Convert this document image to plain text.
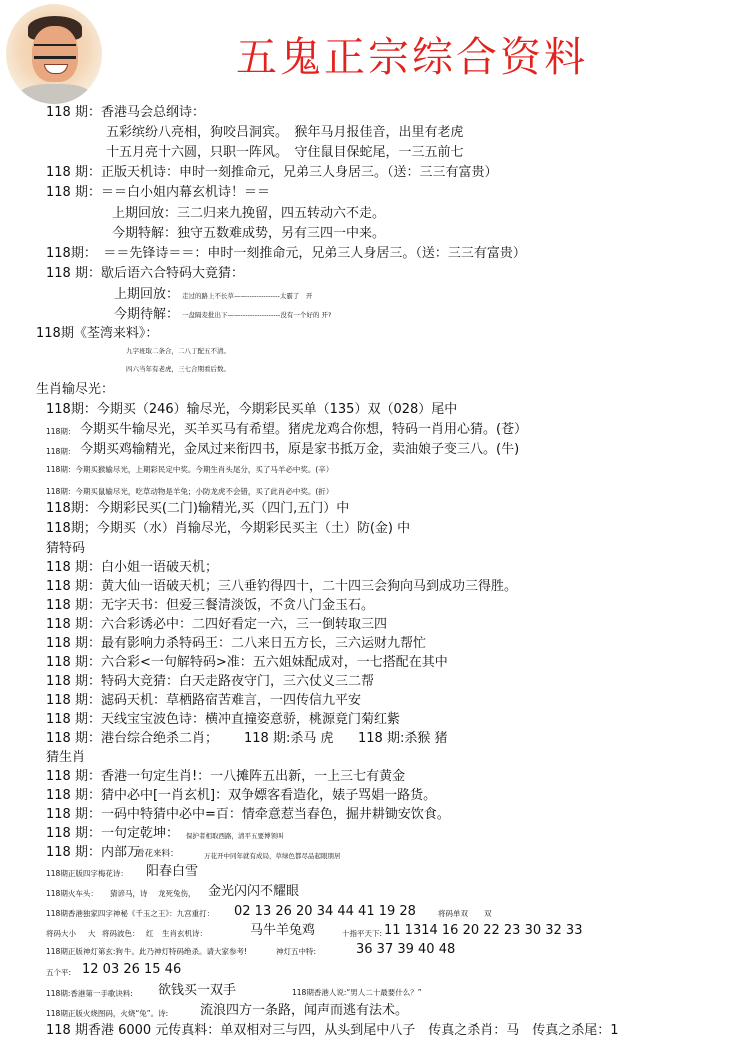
五鬼正宗综合资料
118 期：香港马会总纲诗：
五彩缤纷八亮相，狗咬吕洞宾。　猴年马月报佳音，出里有老虎
十五月亮十六圆，只职一阵风。　守住鼠目保蛇尾，一三五前七
118 期：正版天机诗：申时一刻推命元，兄弟三人身居三。（送：三三有富贵）
118 期：＝＝白小姐内幕玄机诗！＝＝
上期回放：三二归来九挽留，四五转动六不走。
今期特解：独守五数难成势，另有三四一中来。
118期：　＝＝先锋诗＝＝：申时一刻推命元，兄弟三人身居三。（送：三三有富贵）
118 期：歇后语六合特码大竟猜：
上期回放： 走过的路上不长草——--------------太霸了　开
今期待解： 一盘隔麦批出下——-----------------没有一个好的 开?
118期《荃湾来料》：
九字班取二条合，二八丁配五不清。
四六当年有老虎，三七合期看后数。
生肖输尽光：
118期：今期买（246）输尽光，今期彩民买单（135）双（028）尾中
118期： 今期买牛输尽光，买羊买马有希望。猪虎龙鸡合你想，特码一肖用心猜。(苍）
118期： 今期买鸡输精光，金凤过来衔四书，原是家书抵万金，卖油娘子变三八。(牛)
118期：今期买猴输尽光，上期彩民定中奖。今期生肖头尾分，买了马羊必中奖。(辛）
118期：今期买鼠输尽光，吃草动物是羊兔；小防龙虎不会错，买了此肖必中奖。(折）
118期：今期彩民买(二门)输精光,买（四门,五门）中
118期；今期买（水）肖输尽光，今期彩民买主（土）防(金) 中
猜特码
118 期：白小姐一语破天机；
118 期：黄大仙一语破天机；三八垂钓得四十，二十四三会狗向马到成功三得胜。
118 期：无字天书：但爱三餐清淡饭，不贪八门金玉石。
118 期：六合彩诱必中：二四好看定一六，三一倒转取三四
118 期：最有影响力杀特码王：二八来日五方长，三六运财九帮忙
118 期：六合彩<一句解特码>准：五六姐妹配成对，一七搭配在其中
118 期：特码大竞猜：白天走路夜守门，三六仗义三二帮
118 期：滤码天机：草栖路宿苦难言，一四传信九平安
118 期：天线宝宝波色诗：横冲直撞姿意骄，桃源竟门菊红紫
118 期：港台综合绝杀二肖； 118 期:杀马 虎 118 期:杀猴 猪
猜生肖
118 期：香港一句定生肖!：一八摊阵五出新，一上三七有黄金
118 期：猜中必中[一肖玄机]：双争嫖客看造化，婊子骂娼一路货。
118 期：一码中特猜中必中=百：情牵意惹当春色，掘井耕锄安饮食。
118 期：一句定乾坤： 保护者相取西路，清平五要博领叫
118 期：内部万
看花来料：	万花开中同年就有成局，草绿色都尽品起眼朋居
118期正版四字梅花诗： 阳春白雪
118期火车头： 猜谚马，诗 龙死兔伤， 金光闪闪不耀眼
118期香港独家四字神秘《千玉之王》：九宫重打： 02 13 26 20 34 44 41 19 28	将码单双 双
将码大小 大 将码波色： 红 生肖玄机诗：	马牛羊兔鸡	十指平天下: 11 1314 16 20 22 23 30 32 33
118期正版神灯第玄:狗 牛。此乃神灯特码绝杀。请大家参考!	神灯五中特:	36 37 39 40 48
五个平: 12 03 26 15 46
118期:香港第一手歌诀料: 欲钱买一双手	118期香港人说:“男人二十最要什么？”
118期正版火烧图码，火烧“兔”。诗: 流浪四方一条路，闻声而逃有法术。
118 期香港 6000 元传真料：单双相对三与四，从头到尾中八子　传真之杀肖：马　传真之杀尾：1
